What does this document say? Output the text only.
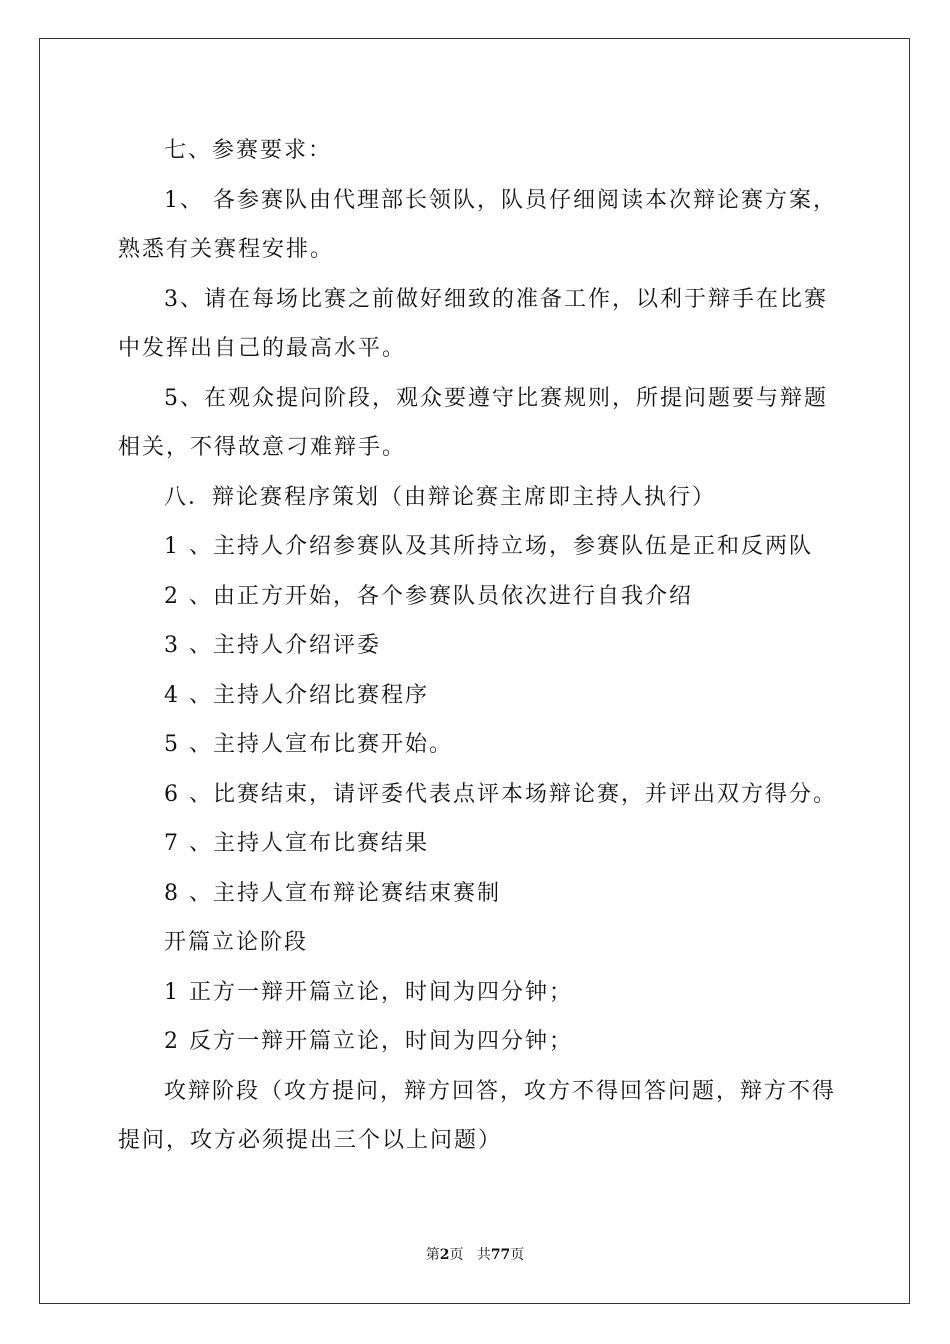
七、参赛要求：

1、 各参赛队由代理部长领队，队员仔细阅读本次辩论赛方案，熟悉有关赛程安排。

3、请在每场比赛之前做好细致的准备工作，以利于辩手在比赛中发挥出自己的最高水平。

5、在观众提问阶段，观众要遵守比赛规则，所提问题要与辩题相关，不得故意刁难辩手。

八．辩论赛程序策划（由辩论赛主席即主持人执行）

1 、主持人介绍参赛队及其所持立场，参赛队伍是正和反两队

2 、由正方开始，各个参赛队员依次进行自我介绍

3 、主持人介绍评委

4 、主持人介绍比赛程序

5 、主持人宣布比赛开始。

6 、比赛结束，请评委代表点评本场辩论赛，并评出双方得分。

7 、主持人宣布比赛结果

8 、主持人宣布辩论赛结束赛制

开篇立论阶段

1 正方一辩开篇立论，时间为四分钟；

2 反方一辩开篇立论，时间为四分钟；

攻辩阶段（攻方提问，辩方回答，攻方不得回答问题，辩方不得提问，攻方必须提出三个以上问题）

第2页 共77页
